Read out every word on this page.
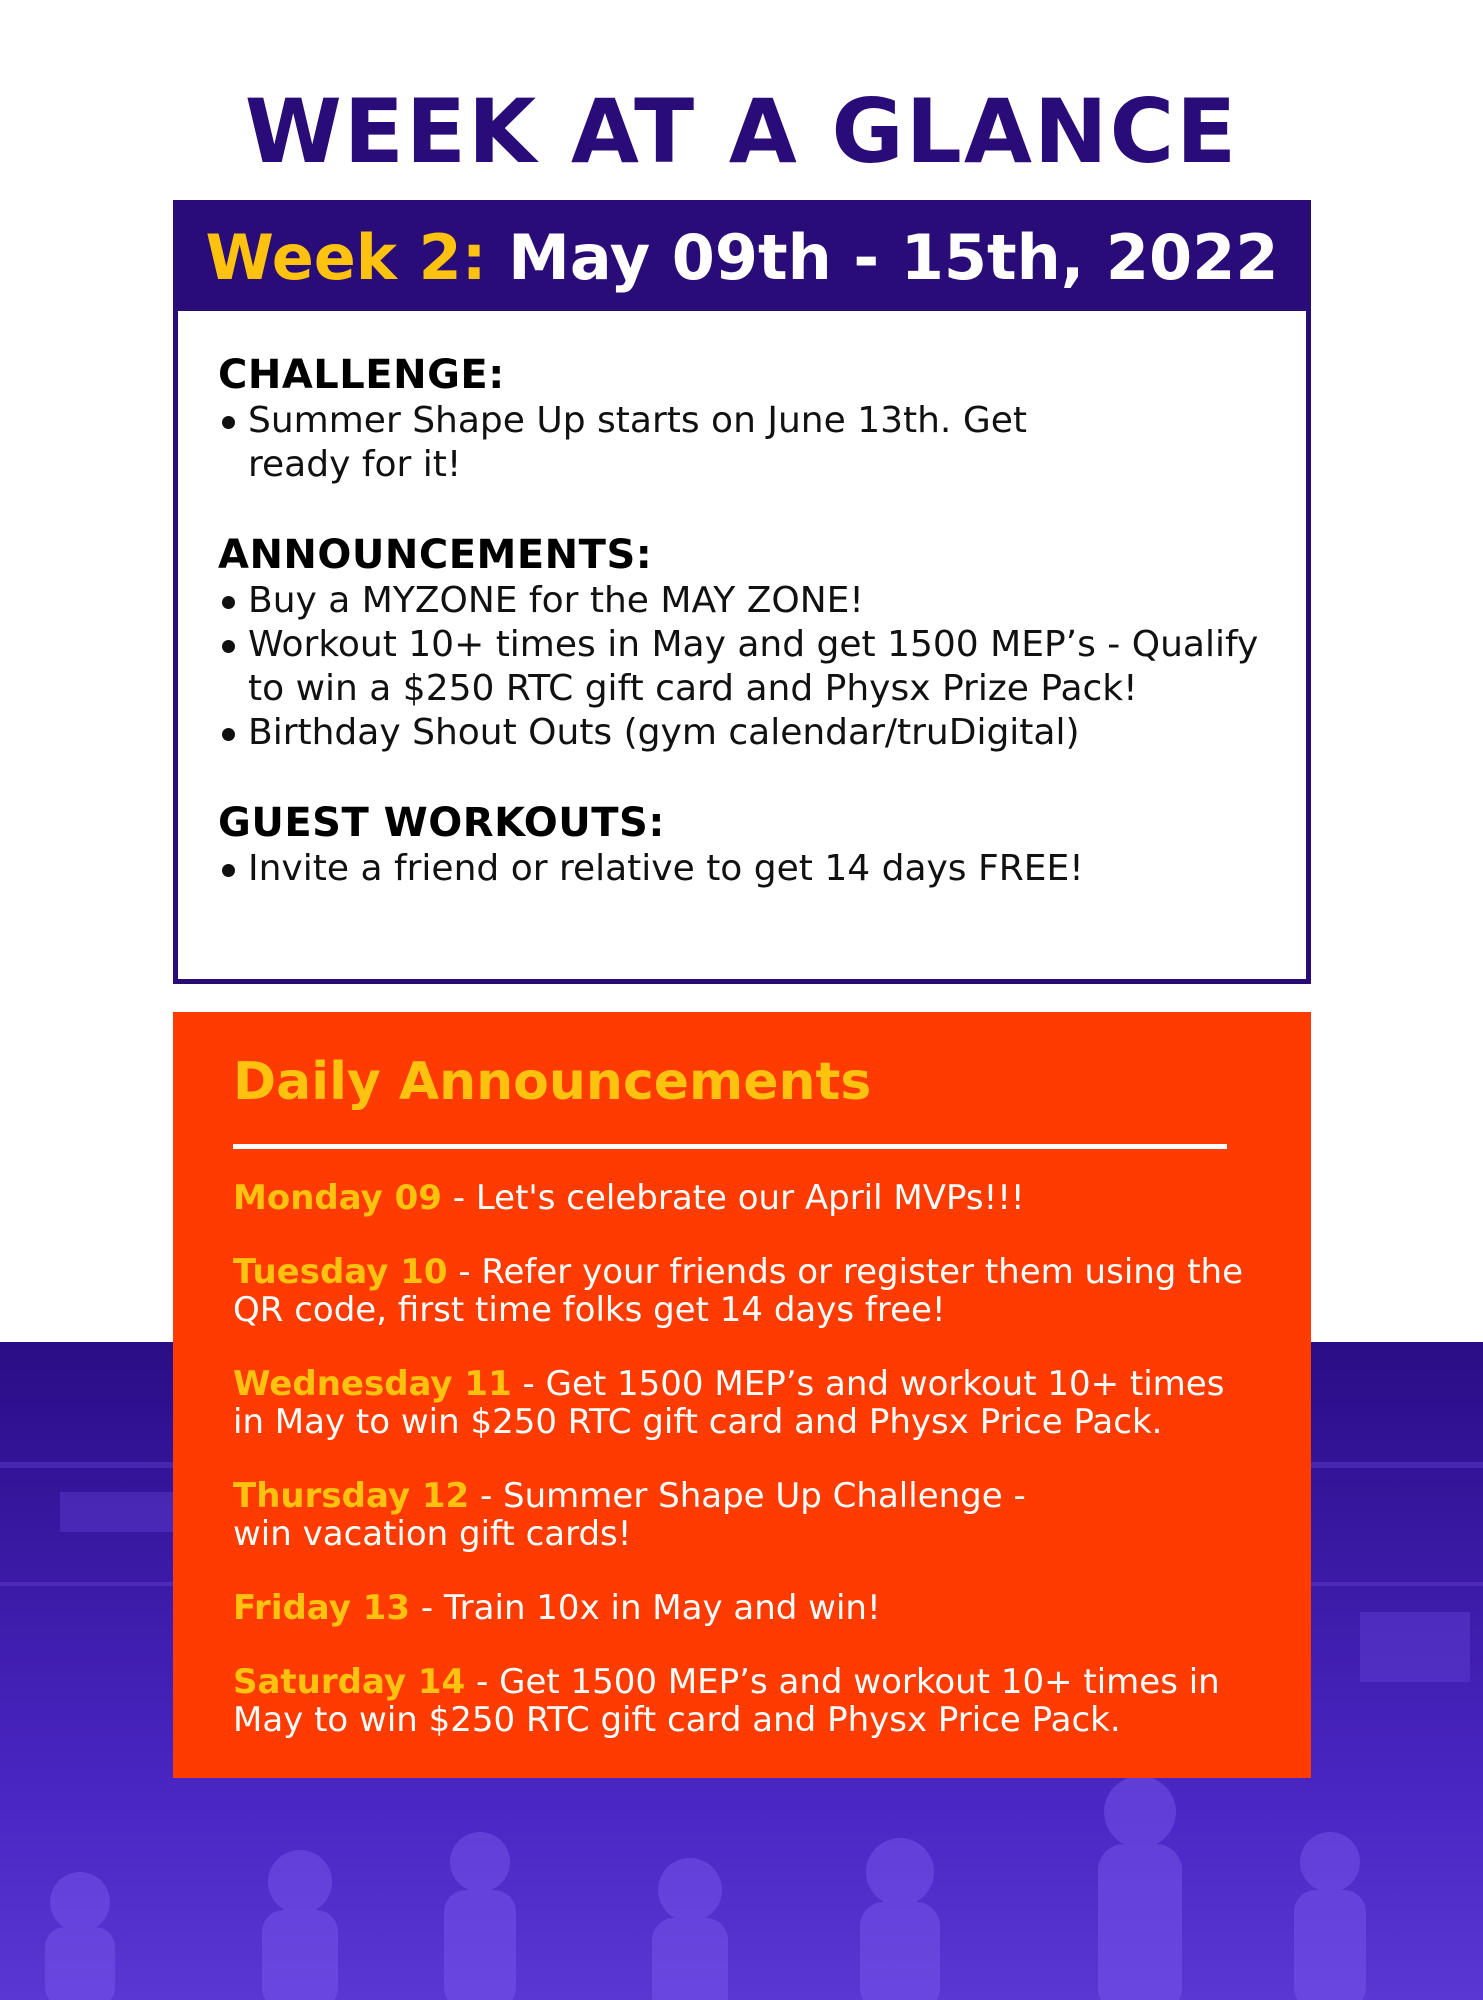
WEEK AT A GLANCE
Week 2: May 09th - 15th, 2022
CHALLENGE:
Summer Shape Up starts on June 13th. Get ready for it!
ANNOUNCEMENTS:
Buy a MYZONE for the MAY ZONE!
Workout 10+ times in May and get 1500 MEP’s - Qualify to win a $250 RTC gift card and Physx Prize Pack!
Birthday Shout Outs (gym calendar/truDigital)
GUEST WORKOUTS:
Invite a friend or relative to get 14 days FREE!
Daily Announcements
Monday 09 - Let's celebrate our April MVPs!!!
Tuesday 10 - Refer your friends or register them using the QR code, first time folks get 14 days free!
Wednesday 11 - Get 1500 MEP’s and workout 10+ times in May to win $250 RTC gift card and Physx Price Pack.
Thursday 12 - Summer Shape Up Challenge - win vacation gift cards!
Friday 13 - Train 10x in May and win!
Saturday 14 - Get 1500 MEP’s and workout 10+ times in May to win $250 RTC gift card and Physx Price Pack.
